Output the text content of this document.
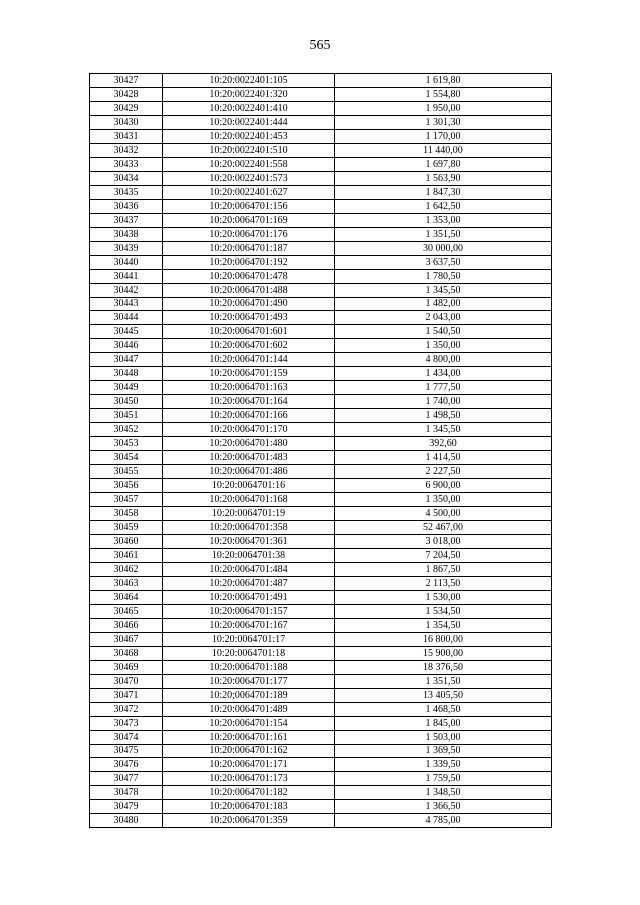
565
30427	10:20:0022401:105	1 619,80
30428	10:20:0022401:320	1 554,80
30429	10:20:0022401:410	1 950,00
30430	10:20:0022401:444	1 301,30
30431	10:20:0022401:453	1 170,00
30432	10:20:0022401:510	11 440,00
30433	10:20:0022401:558	1 697,80
30434	10:20:0022401:573	1 563,90
30435	10:20:0022401:627	1 847,30
30436	10:20:0064701:156	1 642,50
30437	10:20:0064701:169	1 353,00
30438	10:20:0064701:176	1 351,50
30439	10:20:0064701:187	30 000,00
30440	10:20:0064701:192	3 637,50
30441	10:20:0064701:478	1 780,50
30442	10:20:0064701:488	1 345,50
30443	10:20:0064701:490	1 482,00
30444	10:20:0064701:493	2 043,00
30445	10:20:0064701:601	1 540,50
30446	10:20:0064701:602	1 350,00
30447	10:20:0064701:144	4 800,00
30448	10:20:0064701:159	1 434,00
30449	10:20:0064701:163	1 777,50
30450	10:20:0064701:164	1 740,00
30451	10:20:0064701:166	1 498,50
30452	10:20:0064701:170	1 345,50
30453	10:20:0064701:480	392,60
30454	10:20:0064701:483	1 414,50
30455	10:20:0064701:486	2 227,50
30456	10:20:0064701:16	6 900,00
30457	10:20:0064701:168	1 350,00
30458	10:20:0064701:19	4 500,00
30459	10:20:0064701:358	52 467,00
30460	10:20:0064701:361	3 018,00
30461	10:20:0064701:38	7 204,50
30462	10:20:0064701:484	1 867,50
30463	10:20:0064701:487	2 113,50
30464	10:20:0064701:491	1 530,00
30465	10:20:0064701:157	1 534,50
30466	10:20:0064701:167	1 354,50
30467	10:20:0064701:17	16 800,00
30468	10:20:0064701:18	15 900,00
30469	10:20:0064701:188	18 376,50
30470	10:20:0064701:177	1 351,50
30471	10:20;0064701:189	13 405,50
30472	10:20:0064701:489	1 468,50
30473	10:20:0064701:154	1 845,00
30474	10:20:0064701:161	1 503,00
30475	10:20:0064701:162	1 369,50
30476	10:20:0064701:171	1 339,50
30477	10:20:0064701:173	1 759,50
30478	10:20:0064701:182	1 348,50
30479	10:20:0064701:183	1 366,50
30480	10:20:0064701:359	4 785,00
